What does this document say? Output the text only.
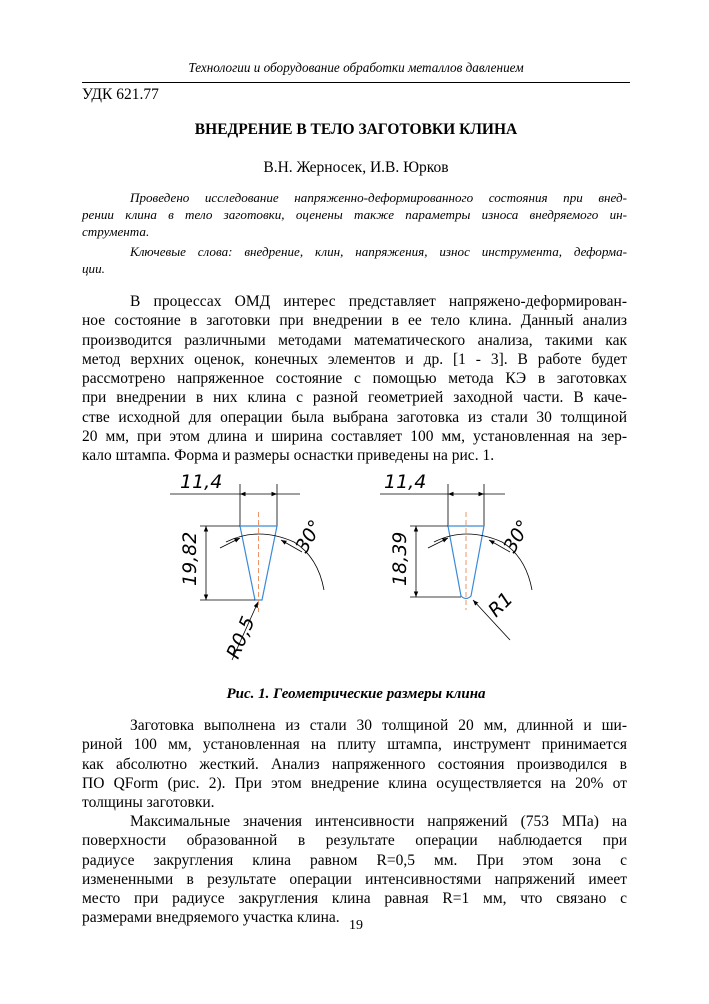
Технологии и оборудование обработки металлов давлением
УДК 621.77
ВНЕДРЕНИЕ В ТЕЛО ЗАГОТОВКИ КЛИНА
В.Н. Жерносек, И.В. Юрков
Проведено исследование напряженно-деформированного состояния при внед-
рении клина в тело заготовки, оценены также параметры износа внедряемого ин-
струмента.
Ключевые слова: внедрение, клин, напряжения, износ инструмента, деформа-
ции.
В процессах ОМД интерес представляет напряжено-деформирован-
ное состояние в заготовки при внедрении в ее тело клина. Данный анализ
производится различными методами математического анализа, такими как
метод верхних оценок, конечных элементов и др. [1 - 3]. В работе будет
рассмотрено напряженное состояние с помощью метода КЭ в заготовках
при внедрении в них клина с разной геометрией заходной части. В каче-
стве исходной для операции была выбрана заготовка из стали 30 толщиной
20 мм, при этом длина и ширина составляет 100 мм, установленная на зер-
кало штампа. Форма и размеры оснастки приведены на рис. 1.
11,4
19,82	30°
R0,5
11,4
18,39	30°
R1
Рис. 1. Геометрические размеры клина
Заготовка выполнена из стали 30 толщиной 20 мм, длинной и ши-
риной 100 мм, установленная на плиту штампа, инструмент принимается
как абсолютно жесткий. Анализ напряженного состояния производился в
ПО QForm (рис. 2). При этом внедрение клина осуществляется на 20% от
толщины заготовки.
Максимальные значения интенсивности напряжений (753 МПа) на
поверхности образованной в результате операции наблюдается при
радиусе закругления клина равном R=0,5 мм. При этом зона с
измененными в результате операции интенсивностями напряжений имеет
место при радиусе закругления клина равная R=1 мм, что связано с
размерами внедряемого участка клина. 19
